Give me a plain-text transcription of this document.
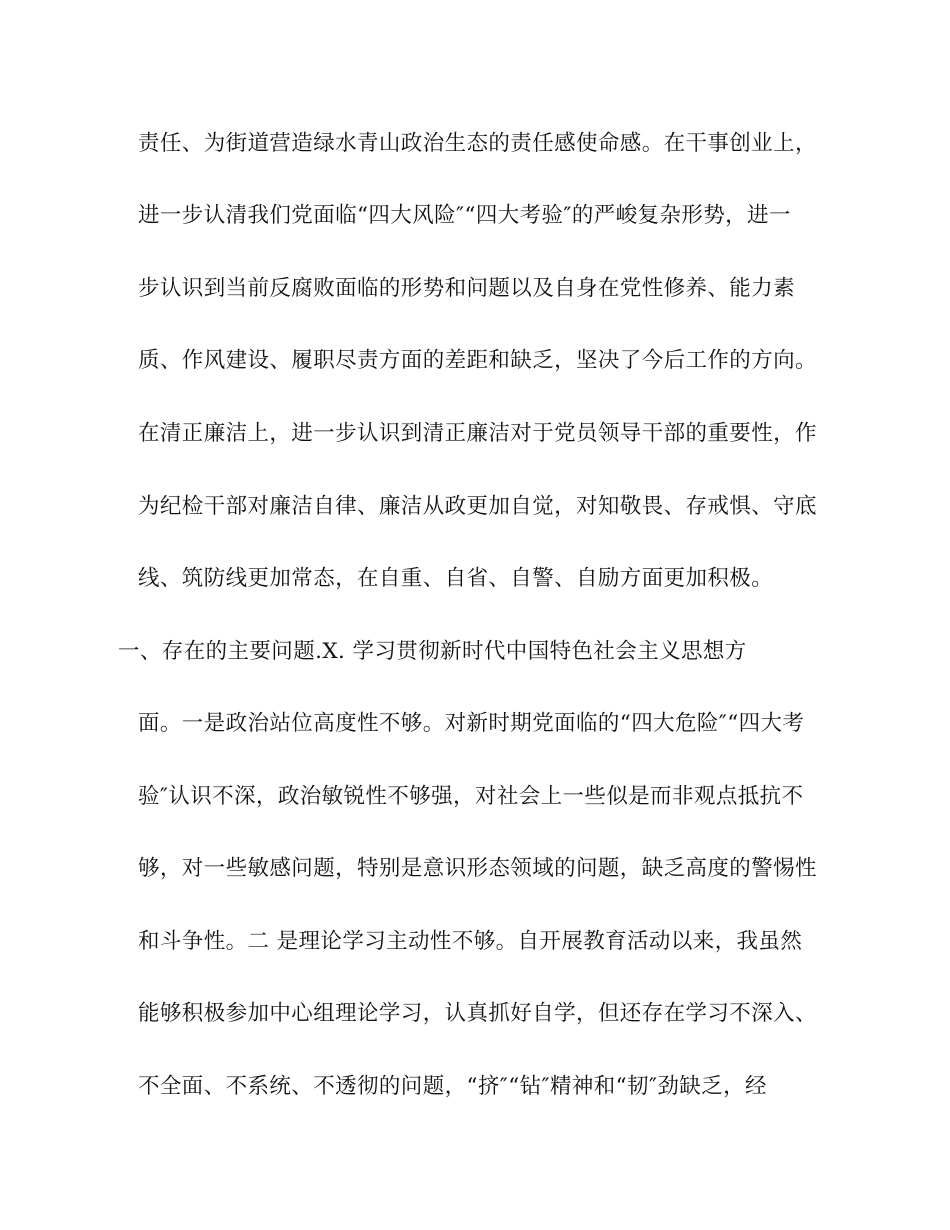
责任、为街道营造绿水青山政治生态的责任感使命感。在干事创业上，
进一步认清我们党面临“四大风险″“四大考验″的严峻复杂形势，进一
步认识到当前反腐败面临的形势和问题以及自身在党性修养、能力素
质、作风建设、履职尽责方面的差距和缺乏，坚决了今后工作的方向。
在清正廉洁上，进一步认识到清正廉洁对于党员领导干部的重要性，作
为纪检干部对廉洁自律、廉洁从政更加自觉，对知敬畏、存戒惧、守底
线、筑防线更加常态，在自重、自省、自警、自励方面更加积极。
一、存在的主要问题.X. 学习贯彻新时代中国特色社会主义思想方
面。一是政治站位高度性不够。对新时期党面临的“四大危险″“四大考
验″认识不深，政治敏锐性不够强，对社会上一些似是而非观点抵抗不
够，对一些敏感问题，特别是意识形态领域的问题，缺乏高度的警惕性
和斗争性。二 是理论学习主动性不够。自开展教育活动以来，我虽然
能够积极参加中心组理论学习，认真抓好自学，但还存在学习不深入、
不全面、不系统、不透彻的问题，“挤″“钻″精神和“韧″劲缺乏，经
